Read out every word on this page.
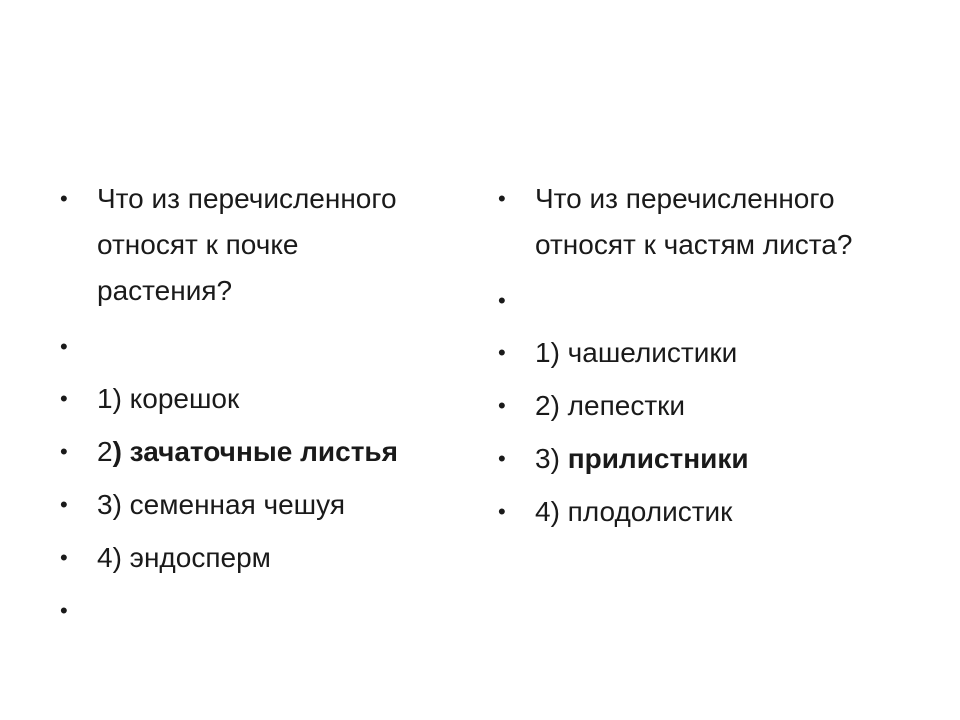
• Что из перечисленного относят к почке растения?
•
• 1) корешок
• 2) зачаточные листья
• 3) семенная чешуя
• 4) эндосперм
•
• Что из перечисленного относят к частям листа?
•
• 1) чашелистики
• 2) лепестки
• 3) прилистники
• 4) плодолистик
